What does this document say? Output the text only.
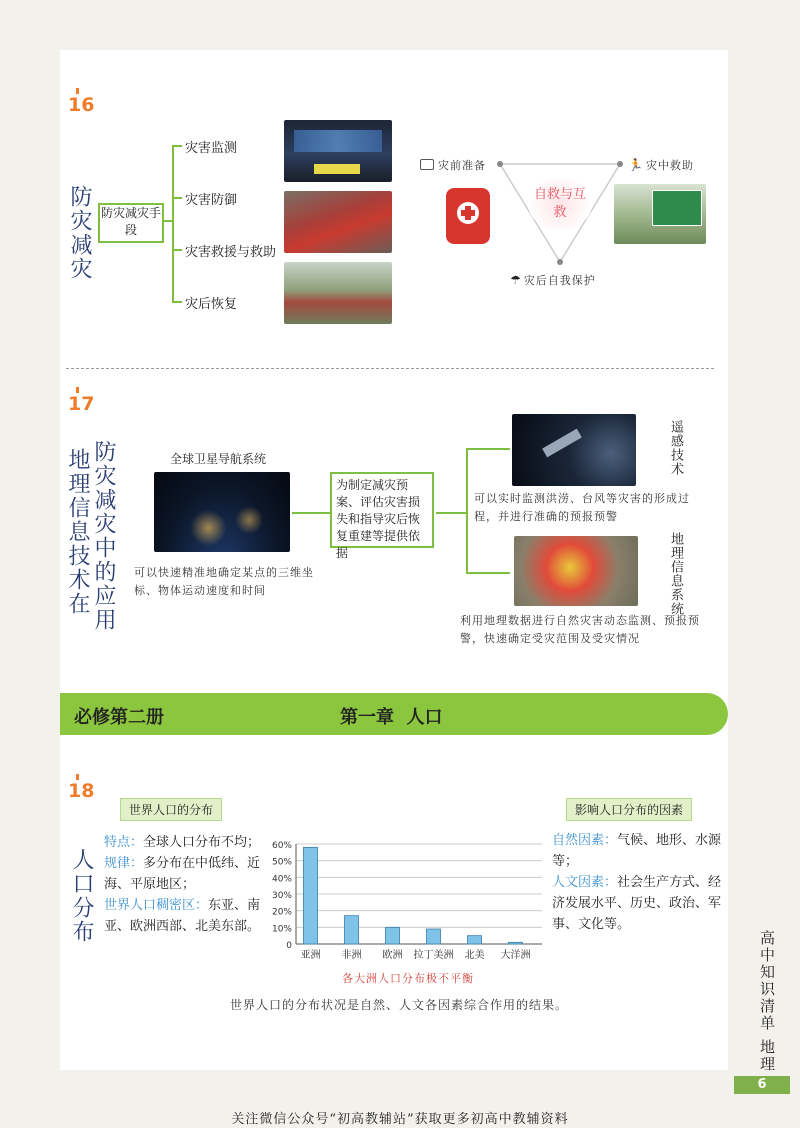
16
防灾减灾 防灾减灾手段
灾害监测
灾害防御
灾害救援与救助
灾后恢复
自救与互救
灾前准备	🏃 灾中救助
☂ 灾后自我保护
17
防灾减灾中的应用
地理信息技术在	全球卫星导航系统
可以快速精准地确定某点的三维坐标、物体运动速度和时间
为制定减灾预案、评估灾害损失和指导灾后恢复重建等提供依据
遥感技术
可以实时监测洪涝、台风等灾害的形成过程，并进行准确的预报预警
地理信息系统
利用地理数据进行自然灾害动态监测、预报预警，快速确定受灾范围及受灾情况
必修第二册	第一章  人口
18
人口分布
世界人口的分布
特点：全球人口分布不均；
规律：多分布在中低纬、近海、平原地区；
世界人口稠密区：东亚、南亚、欧洲西部、北美东部。
影响人口分布的因素
自然因素：气候、地形、水源等；
人文因素：社会生产方式、经济发展水平、历史、政治、军事、文化等。
0
10%
20%
30%
40%
50%
60%
亚洲 非洲 欧洲 拉丁美洲 北美 大洋洲
各大洲人口分布极不平衡
世界人口的分布状况是自然、人文各因素综合作用的结果。	高中知识清单 地理
6
关注微信公众号“初高教辅站”获取更多初高中教辅资料
